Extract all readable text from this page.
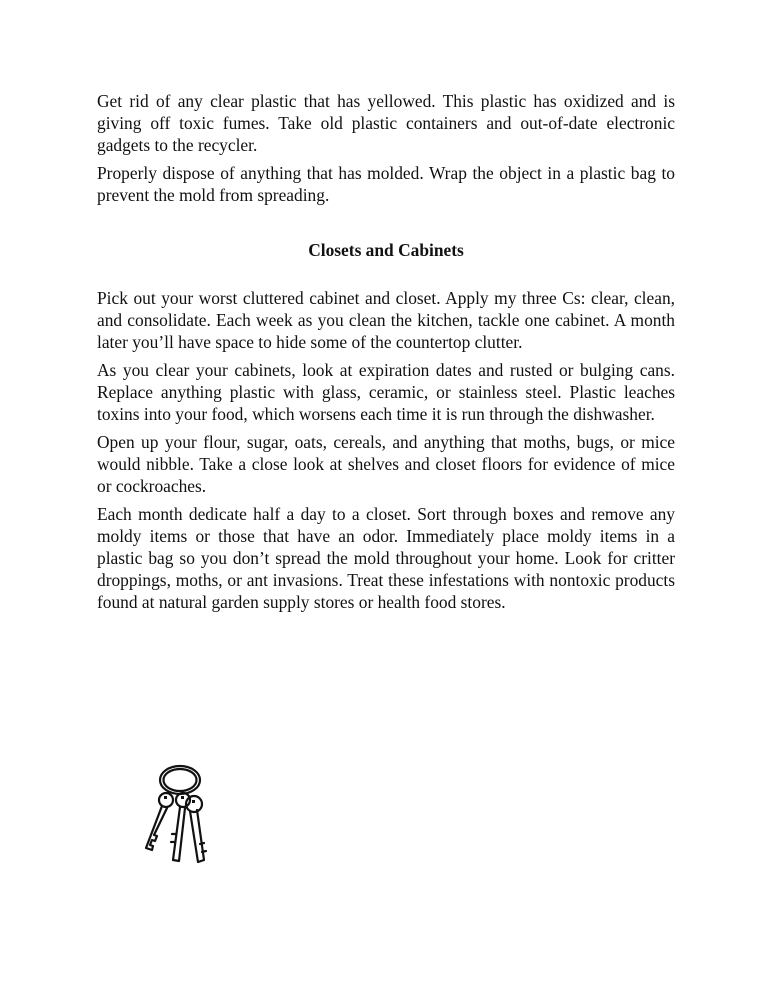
Get rid of any clear plastic that has yellowed. This plastic has oxidized and is giving off toxic fumes. Take old plastic containers and out-of-date electronic gadgets to the recycler.

Properly dispose of anything that has molded. Wrap the object in a plastic bag to prevent the mold from spreading.

Closets and Cabinets

Pick out your worst cluttered cabinet and closet. Apply my three Cs: clear, clean, and consolidate. Each week as you clean the kitchen, tackle one cabinet. A month later you’ll have space to hide some of the countertop clutter.

As you clear your cabinets, look at expiration dates and rusted or bulging cans. Replace anything plastic with glass, ceramic, or stainless steel. Plastic leaches toxins into your food, which worsens each time it is run through the dishwasher.

Open up your flour, sugar, oats, cereals, and anything that moths, bugs, or mice would nibble. Take a close look at shelves and closet floors for evidence of mice or cockroaches.

Each month dedicate half a day to a closet. Sort through boxes and remove any moldy items or those that have an odor. Immediately place moldy items in a plastic bag so you don’t spread the mold throughout your home. Look for critter droppings, moths, or ant invasions. Treat these infestations with nontoxic products found at natural garden supply stores or health food stores.
